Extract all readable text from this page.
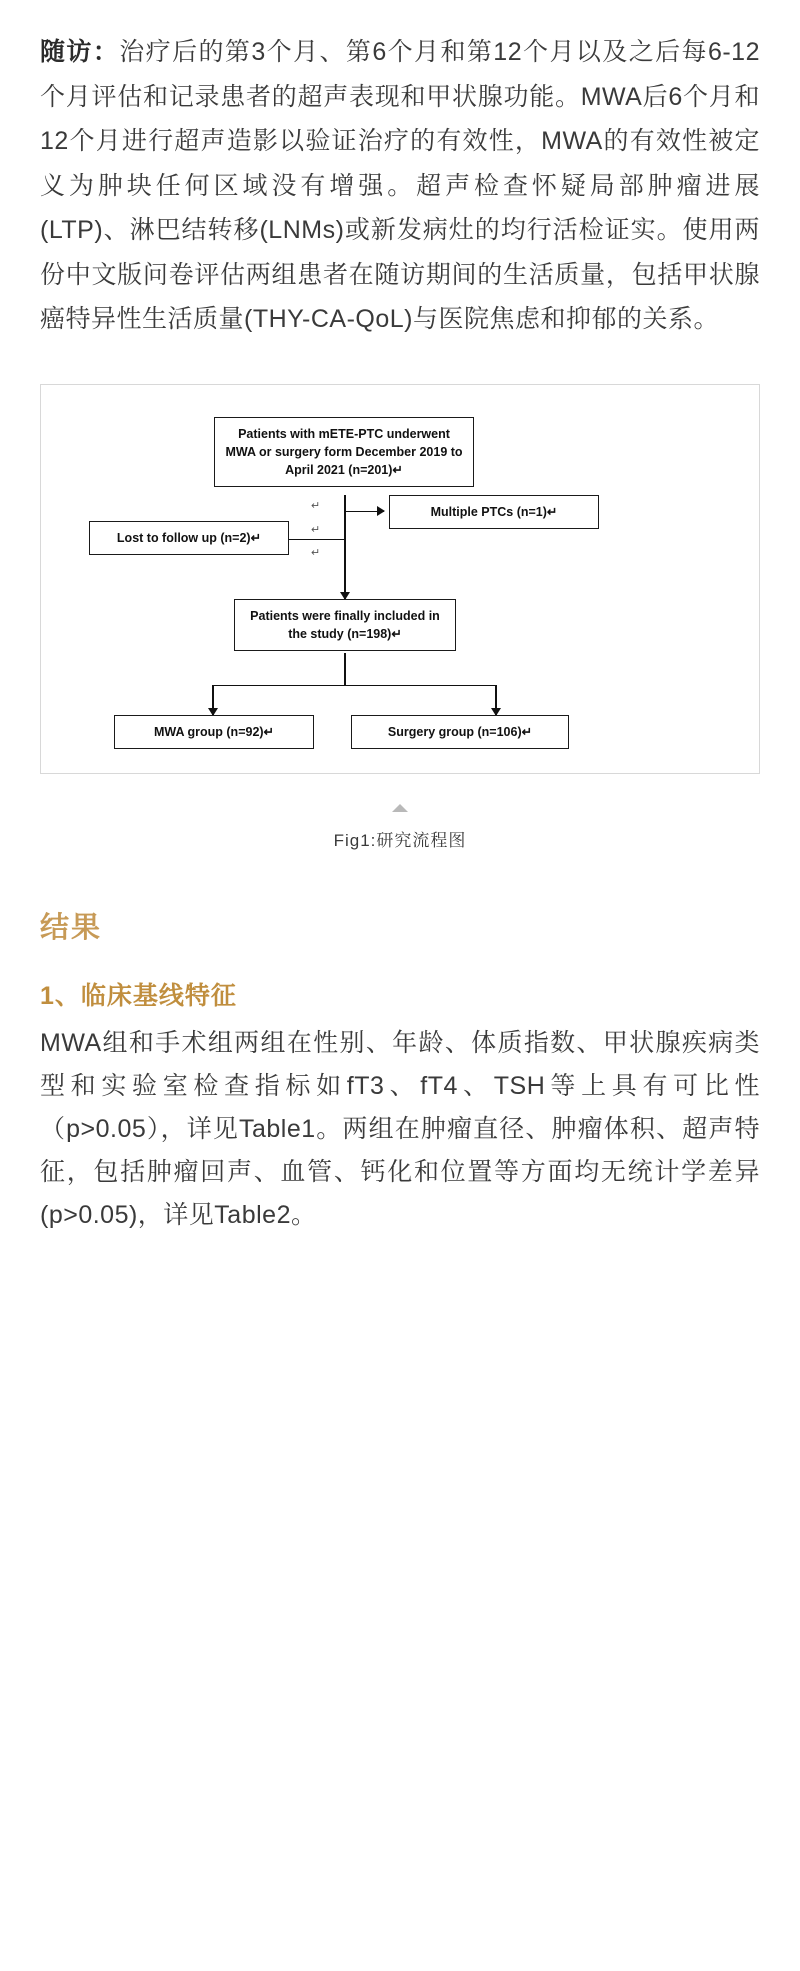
随访：治疗后的第3个月、第6个月和第12个月以及之后每6-12个月评估和记录患者的超声表现和甲状腺功能。MWA后6个月和12个月进行超声造影以验证治疗的有效性，MWA的有效性被定义为肿块任何区域没有增强。超声检查怀疑局部肿瘤进展(LTP)、淋巴结转移(LNMs)或新发病灶的均行活检证实。使用两份中文版问卷评估两组患者在随访期间的生活质量，包括甲状腺癌特异性生活质量(THY-CA-QoL)与医院焦虑和抑郁的关系。

Patients with mETE-PTC underwent MWA or surgery form December 2019 to April 2021 (n=201)↵
Multiple PTCs (n=1)↵
Lost to follow up (n=2)↵
↵
↵
↵
Patients were finally included in the study (n=198)↵
MWA group (n=92)↵	Surgery group (n=106)↵
Fig1:研究流程图
结果
1、临床基线特征

MWA组和手术组两组在性别、年龄、体质指数、甲状腺疾病类型和实验室检查指标如fT3、fT4、TSH等上具有可比性（p>0.05），详见Table1。两组在肿瘤直径、肿瘤体积、超声特征，包括肿瘤回声、血管、钙化和位置等方面均无统计学差异(p>0.05)，详见Table2。
